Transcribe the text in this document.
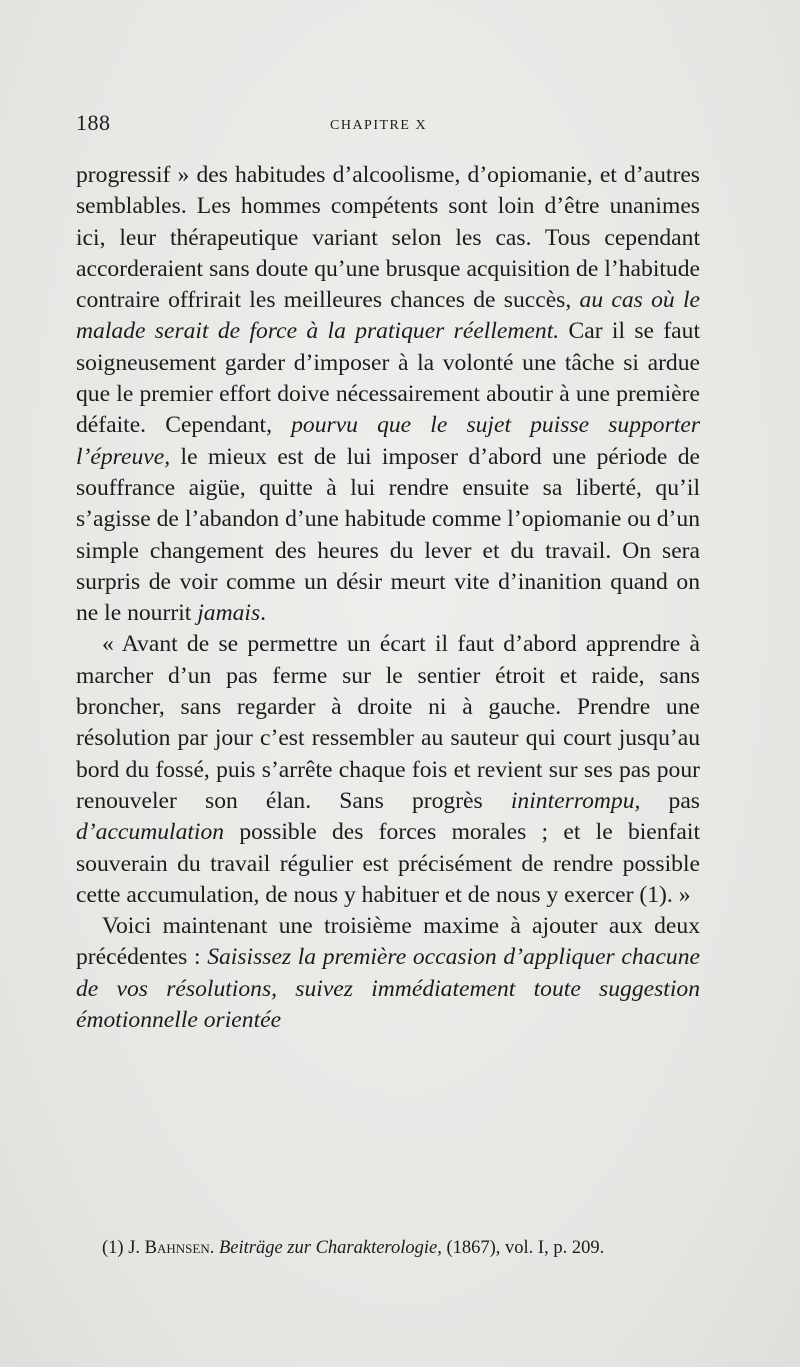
188	CHAPITRE X

progressif » des habitudes d’alcoolisme, d’opiomanie, et d’autres semblables. Les hommes compétents sont loin d’être unanimes ici, leur thérapeutique variant selon les cas. Tous cependant accorderaient sans doute qu’une brusque acquisition de l’habitude contraire offrirait les meilleures chances de succès, au cas où le malade serait de force à la pratiquer réellement. Car il se faut soigneusement garder d’imposer à la volonté une tâche si ardue que le premier effort doive nécessairement aboutir à une première défaite. Cependant, pourvu que le sujet puisse supporter l’épreuve, le mieux est de lui imposer d’abord une période de souffrance aigüe, quitte à lui rendre ensuite sa liberté, qu’il s’agisse de l’abandon d’une habitude comme l’opiomanie ou d’un simple changement des heures du lever et du travail. On sera surpris de voir comme un désir meurt vite d’inanition quand on ne le nourrit jamais.

« Avant de se permettre un écart il faut d’abord apprendre à marcher d’un pas ferme sur le sentier étroit et raide, sans broncher, sans regarder à droite ni à gauche. Prendre une résolution par jour c’est ressembler au sauteur qui court jusqu’au bord du fossé, puis s’arrête chaque fois et revient sur ses pas pour renouveler son élan. Sans progrès ininterrompu, pas d’accumulation possible des forces morales ; et le bienfait souverain du travail régulier est précisément de rendre possible cette accumulation, de nous y habituer et de nous y exercer (1). »

Voici maintenant une troisième maxime à ajouter aux deux précédentes : Saisissez la première occasion d’appliquer chacune de vos résolutions, suivez immédiatement toute suggestion émotionnelle orientée

(1) J. Bahnsen. Beiträge zur Charakterologie, (1867), vol. I, p. 209.
